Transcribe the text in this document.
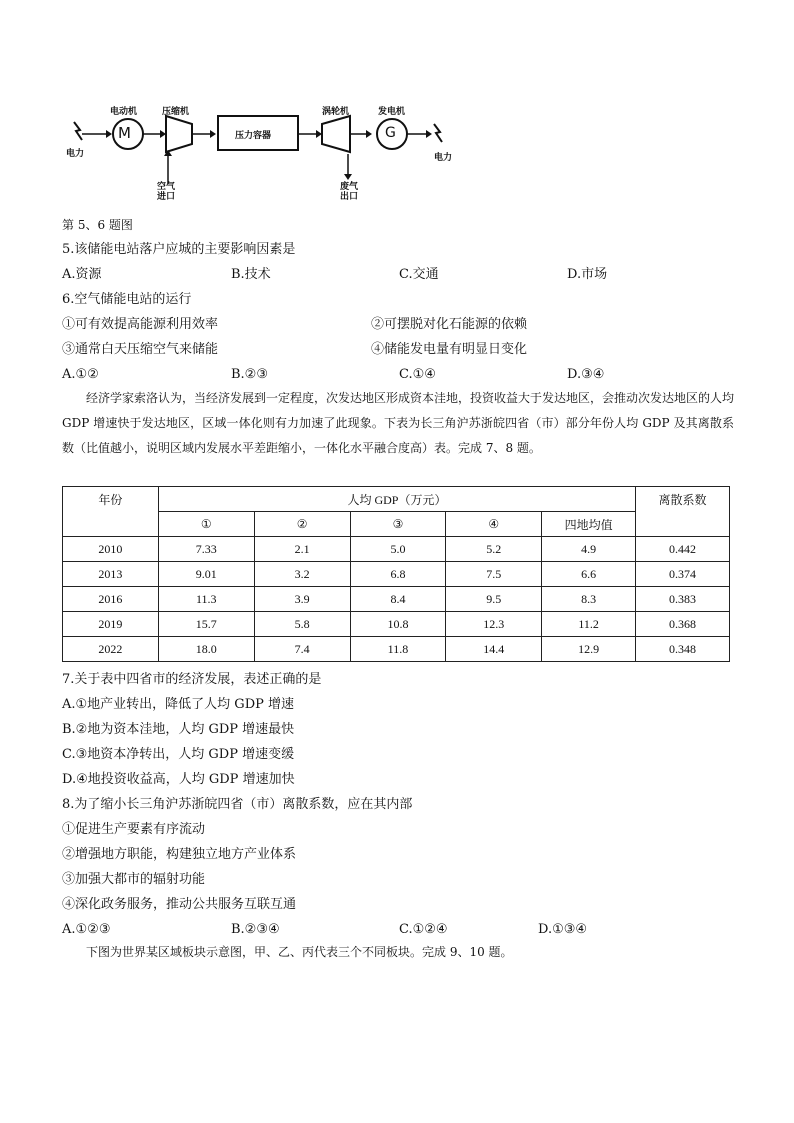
电动机
M
压缩机
压力容器
涡轮机
G
发电机
电力	电力
空气
进口
废气
出口
第 5、6 题图
5.该储能电站落户应城的主要影响因素是
A.资源	B.技术	C.交通	D.市场
6.空气储能电站的运行
①可有效提高能源利用效率	②可摆脱对化石能源的依赖
③通常白天压缩空气来储能	④储能发电量有明显日变化
A.①②	B.②③	C.①④	D.③④
经济学家索洛认为，当经济发展到一定程度，次发达地区形成资本洼地，投资收益大于发达地区，会推动次发达地区的人均 GDP 增速快于发达地区，区域一体化则有力加速了此现象。下表为长三角沪苏浙皖四省（市）部分年份人均 GDP 及其离散系数（比值越小，说明区域内发展水平差距缩小，一体化水平融合度高）表。完成 7、8 题。
年份	人均 GDP（万元）					离散系数
	①	②	③	④	四地均值	
2010	7.33	2.1	5.0	5.2	4.9	0.442
2013	9.01	3.2	6.8	7.5	6.6	0.374
2016	11.3	3.9	8.4	9.5	8.3	0.383
2019	15.7	5.8	10.8	12.3	11.2	0.368
2022	18.0	7.4	11.8	14.4	12.9	0.348
7.关于表中四省市的经济发展，表述正确的是
A.①地产业转出，降低了人均 GDP 增速
B.②地为资本洼地，人均 GDP 增速最快
C.③地资本净转出，人均 GDP 增速变缓
D.④地投资收益高，人均 GDP 增速加快
8.为了缩小长三角沪苏浙皖四省（市）离散系数，应在其内部
①促进生产要素有序流动
②增强地方职能，构建独立地方产业体系
③加强大都市的辐射功能
④深化政务服务，推动公共服务互联互通
A.①②③	B.②③④	C.①②④	D.①③④
下图为世界某区域板块示意图，甲、乙、丙代表三个不同板块。完成 9、10 题。
